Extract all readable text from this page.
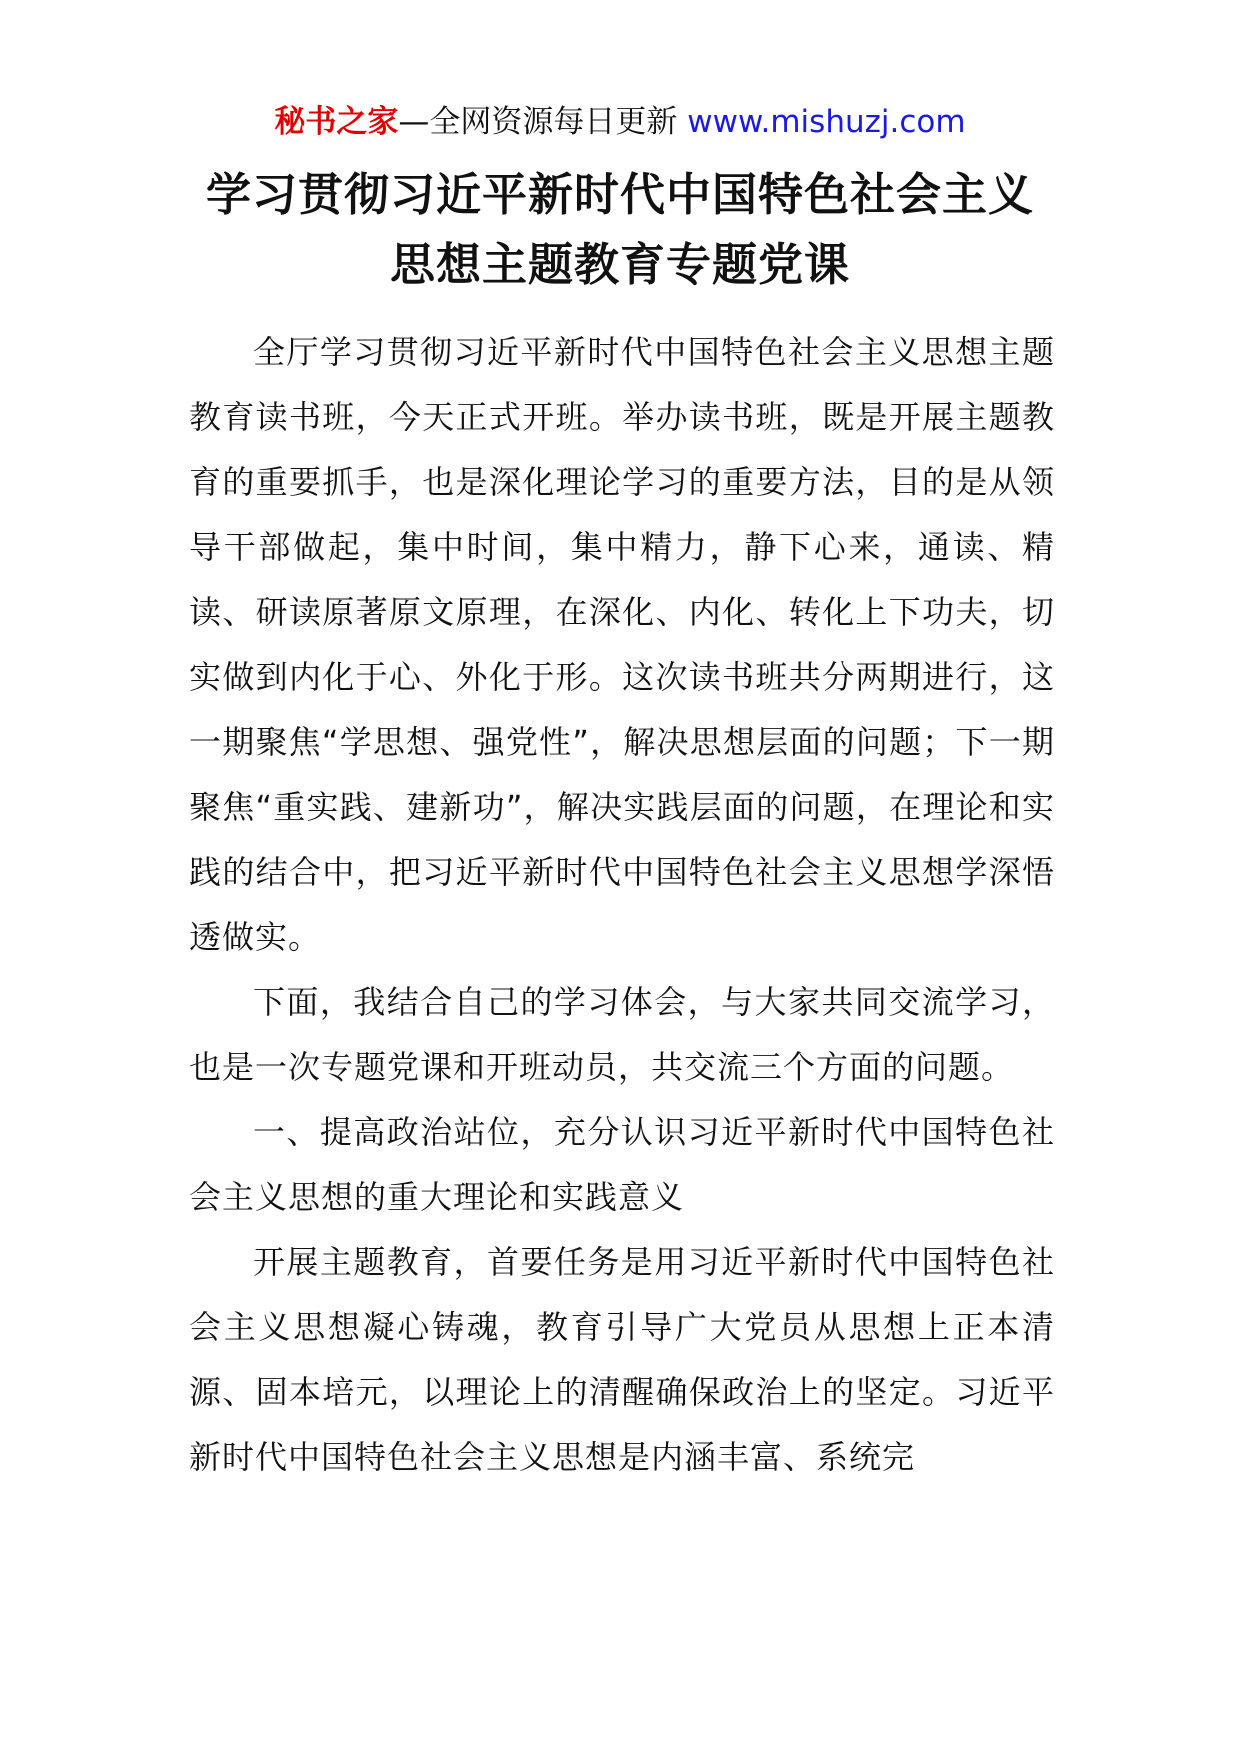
秘书之家—全网资源每日更新 www.mishuzj.com
学习贯彻习近平新时代中国特色社会主义
思想主题教育专题党课

全厅学习贯彻习近平新时代中国特色社会主义思想主题教育读书班，今天正式开班。举办读书班，既是开展主题教育的重要抓手，也是深化理论学习的重要方法，目的是从领导干部做起，集中时间，集中精力，静下心来，通读、精读、研读原著原文原理，在深化、内化、转化上下功夫，切实做到内化于心、外化于形。这次读书班共分两期进行，这一期聚焦“学思想、强党性”，解决思想层面的问题；下一期聚焦“重实践、建新功”，解决实践层面的问题，在理论和实践的结合中，把习近平新时代中国特色社会主义思想学深悟透做实。

下面，我结合自己的学习体会，与大家共同交流学习，也是一次专题党课和开班动员，共交流三个方面的问题。

一、提高政治站位，充分认识习近平新时代中国特色社会主义思想的重大理论和实践意义

开展主题教育，首要任务是用习近平新时代中国特色社会主义思想凝心铸魂，教育引导广大党员从思想上正本清源、固本培元，以理论上的清醒确保政治上的坚定。习近平新时代中国特色社会主义思想是内涵丰富、系统完
